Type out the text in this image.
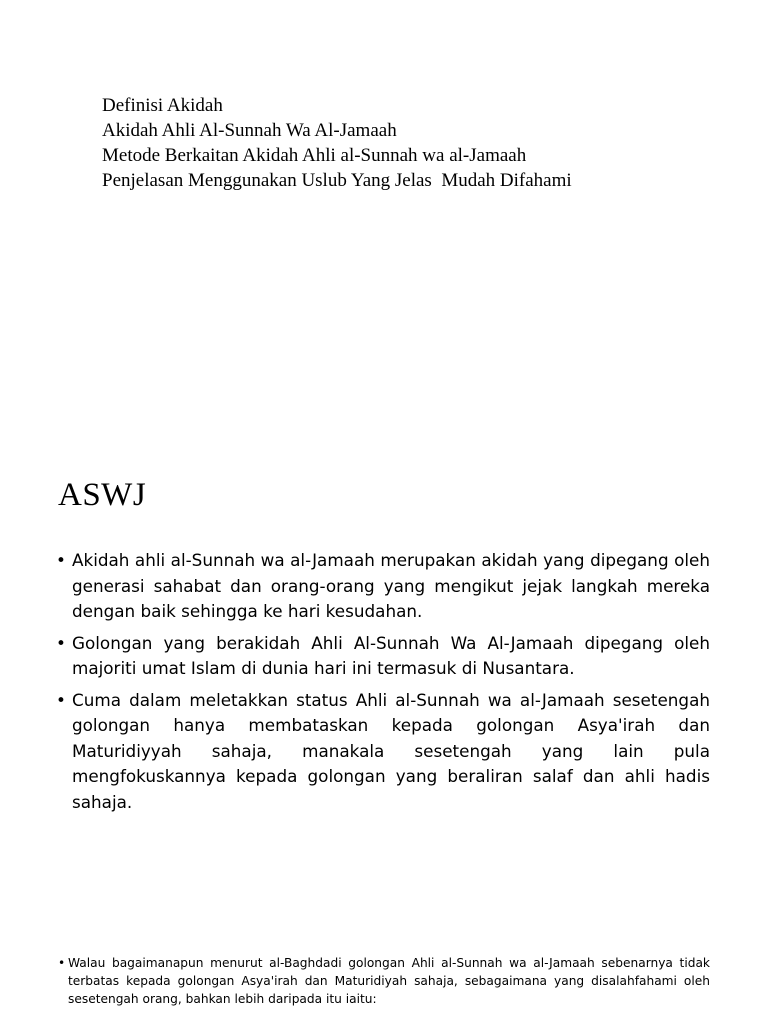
Definisi Akidah
Akidah Ahli Al-Sunnah Wa Al-Jamaah
Metode Berkaitan Akidah Ahli al-Sunnah wa al-Jamaah
Penjelasan Menggunakan Uslub Yang Jelas  Mudah Difahami
ASWJ
• Akidah ahli al-Sunnah wa al-Jamaah merupakan akidah yang dipegang oleh generasi sahabat dan orang-orang yang mengikut jejak langkah mereka dengan baik sehingga ke hari kesudahan.
• Golongan yang berakidah Ahli Al-Sunnah Wa Al-Jamaah dipegang oleh majoriti umat Islam di dunia hari ini termasuk di Nusantara.
• Cuma dalam meletakkan status Ahli al-Sunnah wa al-Jamaah sesetengah golongan hanya membataskan kepada golongan Asya'irah dan Maturidiyyah sahaja, manakala sesetengah yang lain pula mengfokuskannya kepada golongan yang beraliran salaf dan ahli hadis sahaja.
• Walau bagaimanapun menurut al-Baghdadi golongan Ahli al-Sunnah wa al-Jamaah sebenarnya tidak terbatas kepada golongan Asya'irah dan Maturidiyah sahaja, sebagaimana yang disalahfahami oleh sesetengah orang, bahkan lebih daripada itu iaitu:
